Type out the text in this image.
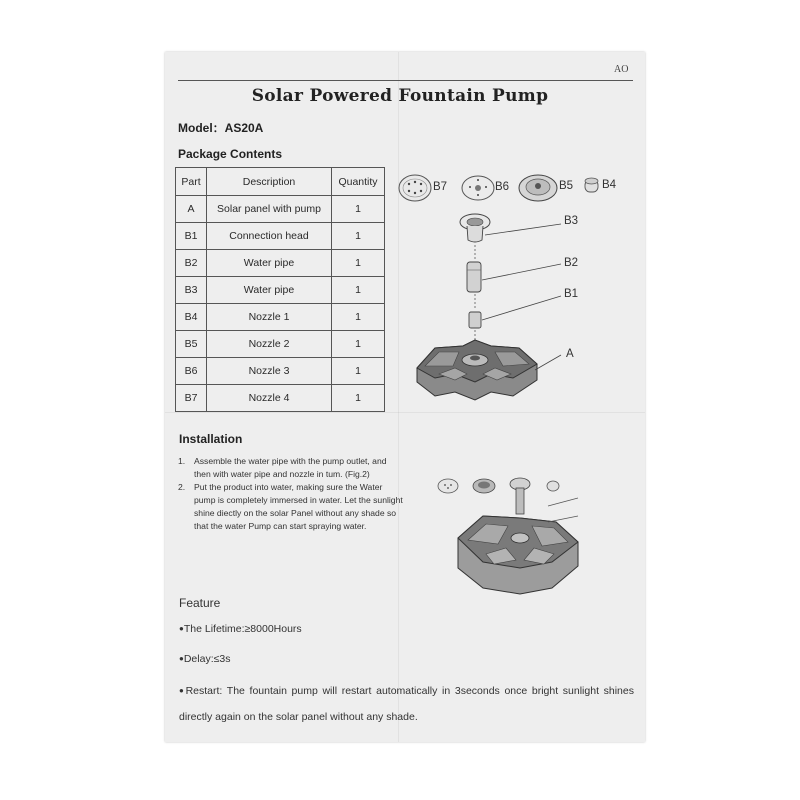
AO
Solar Powered Fountain Pump
Model：AS20A
Package Contents
Part	Description	Quantity
A	Solar panel with pump	1
B1	Connection head	1
B2	Water pipe	1
B3	Water pipe	1
B4	Nozzle 1	1
B5	Nozzle 2	1
B6	Nozzle 3	1
B7	Nozzle 4	1
B7	B6	B5	B4
B3
B2
B1
A
Installation
1. Assemble the water pipe with the pump outlet, and then with water pipe and nozzle in tum. (Fig.2)
2. Put the product into water, making sure the Water pump is completely immersed in water. Let the sunlight shine diectly on the solar Panel without any shade so that the water Pump can start spraying water.
Feature
●The Lifetime:≥8000Hours
●Delay:≤3s
●Restart: The fountain pump will restart automatically in 3seconds once bright sunlight shines directly again on the solar panel without any shade.
